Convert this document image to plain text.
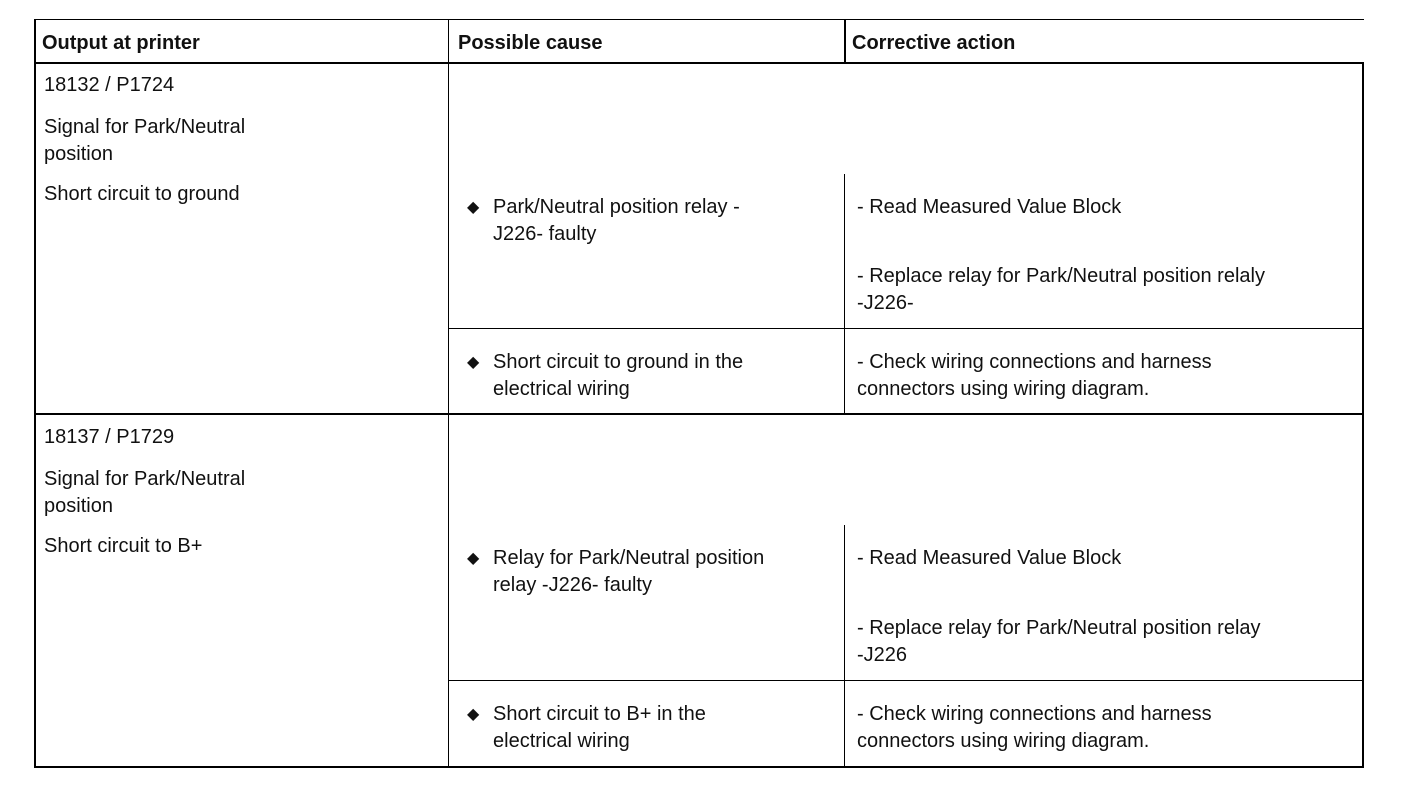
Output at printer	Possible cause	Corrective action
18132 / P1724
Signal for Park/Neutral
position
Short circuit to ground
◆ Park/Neutral position relay -
J226- faulty
- Read Measured Value Block
- Replace relay for Park/Neutral position relaly
-J226-
◆ Short circuit to ground in the
electrical wiring
- Check wiring connections and harness
connectors using wiring diagram.
18137 / P1729
Signal for Park/Neutral
position
Short circuit to B+
◆ Relay for Park/Neutral position
relay -J226- faulty
- Read Measured Value Block
- Replace relay for Park/Neutral position relay
-J226
◆ Short circuit to B+ in the
electrical wiring
- Check wiring connections and harness
connectors using wiring diagram.
